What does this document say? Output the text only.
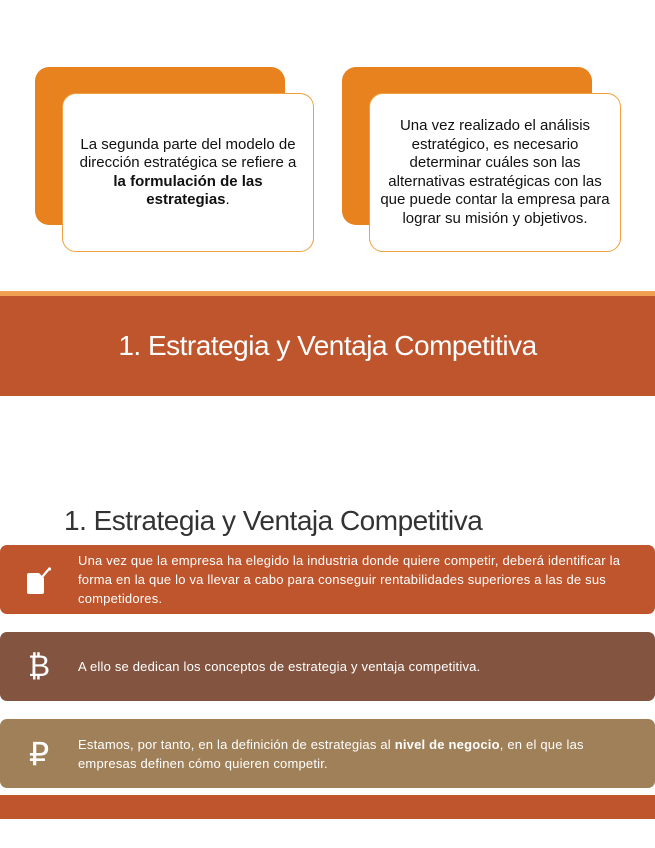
La segunda parte del modelo de dirección estratégica se refiere a la formulación de las estrategias.
Una vez realizado el análisis estratégico, es necesario determinar cuáles son las alternativas estratégicas con las que puede contar la empresa para lograr su misión y objetivos.
1. Estrategia y Ventaja Competitiva
1. Estrategia y Ventaja Competitiva
Una vez que la empresa ha elegido la industria donde quiere competir, deberá identificar la forma en la que lo va llevar a cabo para conseguir rentabilidades superiores a las de sus competidores.
₿ A ello se dedican los conceptos de estrategia y ventaja competitiva.
₽ Estamos, por tanto, en la definición de estrategias al nivel de negocio, en el que las empresas definen cómo quieren competir.
